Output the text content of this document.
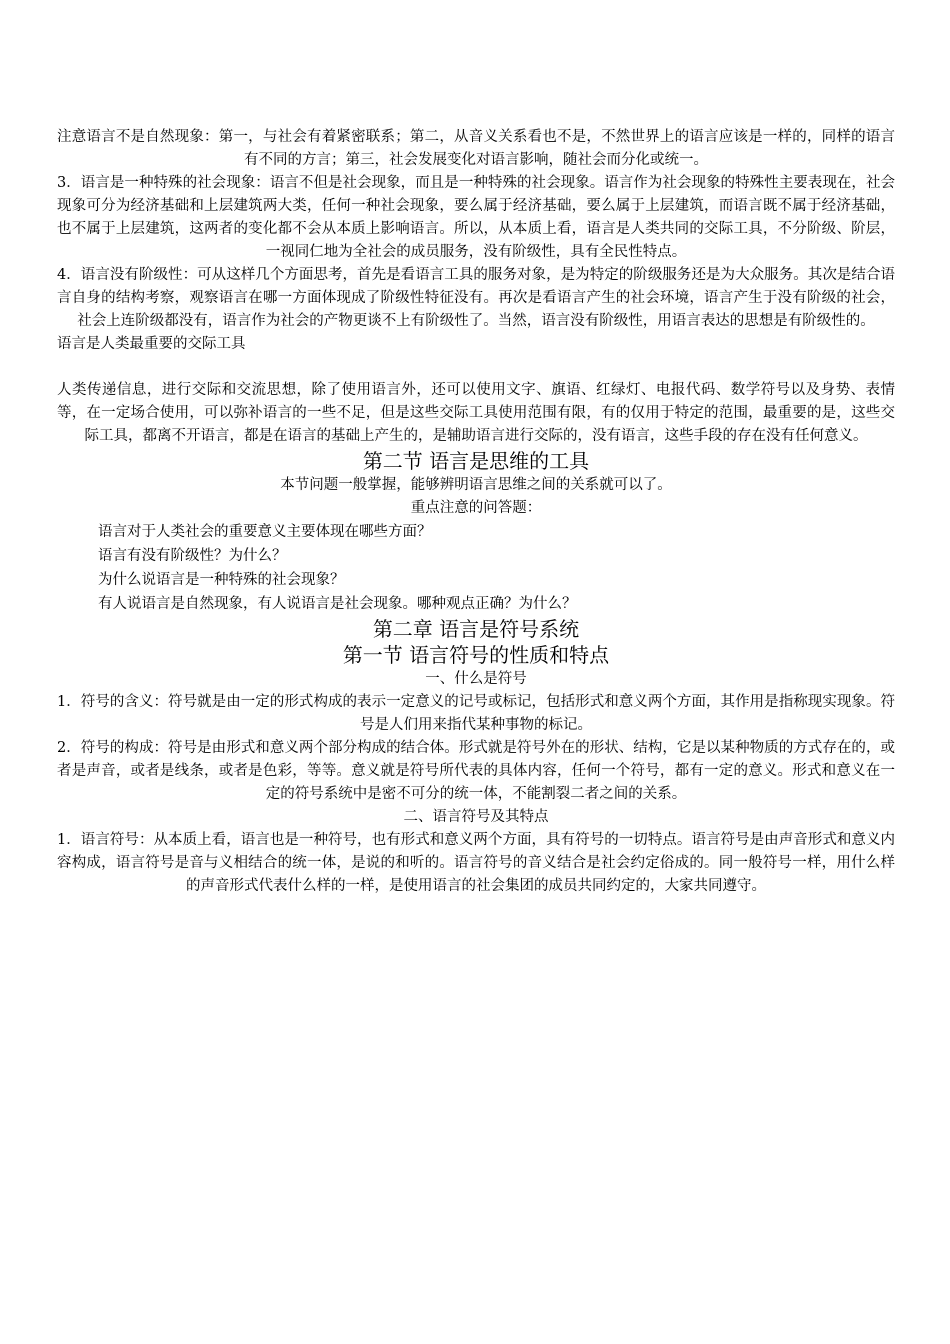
注意语言不是自然现象：第一，与社会有着紧密联系；第二，从音义关系看也不是，不然世界上的语言应该是一样的，同样的语言有不同的方言；第三，社会发展变化对语言影响，随社会而分化或统一。

3．语言是一种特殊的社会现象：语言不但是社会现象，而且是一种特殊的社会现象。语言作为社会现象的特殊性主要表现在，社会现象可分为经济基础和上层建筑两大类，任何一种社会现象，要么属于经济基础，要么属于上层建筑，而语言既不属于经济基础，也不属于上层建筑，这两者的变化都不会从本质上影响语言。所以，从本质上看，语言是人类共同的交际工具，不分阶级、阶层，一视同仁地为全社会的成员服务，没有阶级性，具有全民性特点。

4．语言没有阶级性：可从这样几个方面思考，首先是看语言工具的服务对象，是为特定的阶级服务还是为大众服务。其次是结合语言自身的结构考察，观察语言在哪一方面体现成了阶级性特征没有。再次是看语言产生的社会环境，语言产生于没有阶级的社会，社会上连阶级都没有，语言作为社会的产物更谈不上有阶级性了。当然，语言没有阶级性，用语言表达的思想是有阶级性的。

语言是人类最重要的交际工具

人类传递信息，进行交际和交流思想，除了使用语言外，还可以使用文字、旗语、红绿灯、电报代码、数学符号以及身势、表情等，在一定场合使用，可以弥补语言的一些不足，但是这些交际工具使用范围有限，有的仅用于特定的范围，最重要的是，这些交际工具，都离不开语言，都是在语言的基础上产生的，是辅助语言进行交际的，没有语言，这些手段的存在没有任何意义。

第二节 语言是思维的工具

本节问题一般掌握，能够辨明语言思维之间的关系就可以了。

重点注意的问答题：

语言对于人类社会的重要意义主要体现在哪些方面？

语言有没有阶级性？为什么？

为什么说语言是一种特殊的社会现象？

有人说语言是自然现象，有人说语言是社会现象。哪种观点正确？为什么？

第二章 语言是符号系统

第一节 语言符号的性质和特点

一、什么是符号

1．符号的含义：符号就是由一定的形式构成的表示一定意义的记号或标记，包括形式和意义两个方面，其作用是指称现实现象。符号是人们用来指代某种事物的标记。

2．符号的构成：符号是由形式和意义两个部分构成的结合体。形式就是符号外在的形状、结构，它是以某种物质的方式存在的，或者是声音，或者是线条，或者是色彩，等等。意义就是符号所代表的具体内容，任何一个符号，都有一定的意义。形式和意义在一定的符号系统中是密不可分的统一体，不能割裂二者之间的关系。

二、语言符号及其特点

1．语言符号：从本质上看，语言也是一种符号，也有形式和意义两个方面，具有符号的一切特点。语言符号是由声音形式和意义内容构成，语言符号是音与义相结合的统一体，是说的和听的。语言符号的音义结合是社会约定俗成的。同一般符号一样，用什么样的声音形式代表什么样的一样，是使用语言的社会集团的成员共同约定的，大家共同遵守。
